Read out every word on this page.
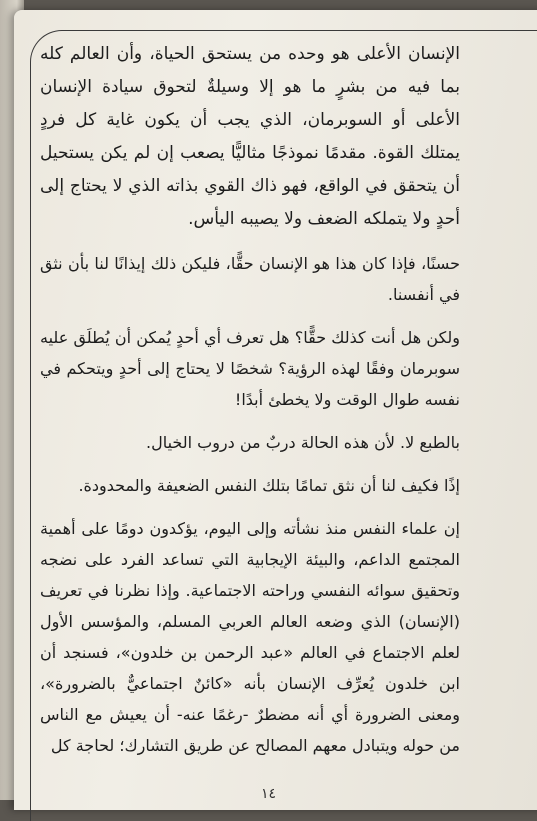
الإنسان الأعلى هو وحده من يستحق الحياة، وأن العالم كله بما فيه من بشرٍ ما هو إلا وسيلةٌ لتحوق سيادة الإنسان الأعلى أو السوبرمان، الذي يجب أن يكون غاية كل فردٍ يمتلك القوة. مقدمًا نموذجًا مثاليًّا يصعب إن لم يكن يستحيل أن يتحقق في الواقع، فهو ذاك القوي بذاته الذي لا يحتاج إلى أحدٍ ولا يتملكه الضعف ولا يصيبه اليأس.

حسنًا، فإذا كان هذا هو الإنسان حقًّا، فليكن ذلك إيذانًا لنا بأن نثق في أنفسنا.

ولكن هل أنت كذلك حقًّا؟ هل تعرف أي أحدٍ يُمكن أن يُطلَق عليه سوبرمان وفقًا لهذه الرؤية؟ شخصًا لا يحتاج إلى أحدٍ ويتحكم في نفسه طوال الوقت ولا يخطئ أبدًا!

بالطبع لا. لأن هذه الحالة دربٌ من دروب الخيال.

إذًا فكيف لنا أن نثق تمامًا بتلك النفس الضعيفة والمحدودة.

إن علماء النفس منذ نشأته وإلى اليوم، يؤكدون دومًا على أهمية المجتمع الداعم، والبيئة الإيجابية التي تساعد الفرد على نضجه وتحقيق سوائه النفسي وراحته الاجتماعية. وإذا نظرنا في تعريف (الإنسان) الذي وضعه العالم العربي المسلم، والمؤسس الأول لعلم الاجتماع في العالم «عبد الرحمن بن خلدون»، فسنجد أن ابن خلدون يُعرِّف الإنسان بأنه «كائنٌ اجتماعيٌّ بالضرورة»، ومعنى الضرورة أي أنه مضطرٌ -رغمًا عنه- أن يعيش مع الناس من حوله ويتبادل معهم المصالح عن طريق التشارك؛ لحاجة كل

١٤
